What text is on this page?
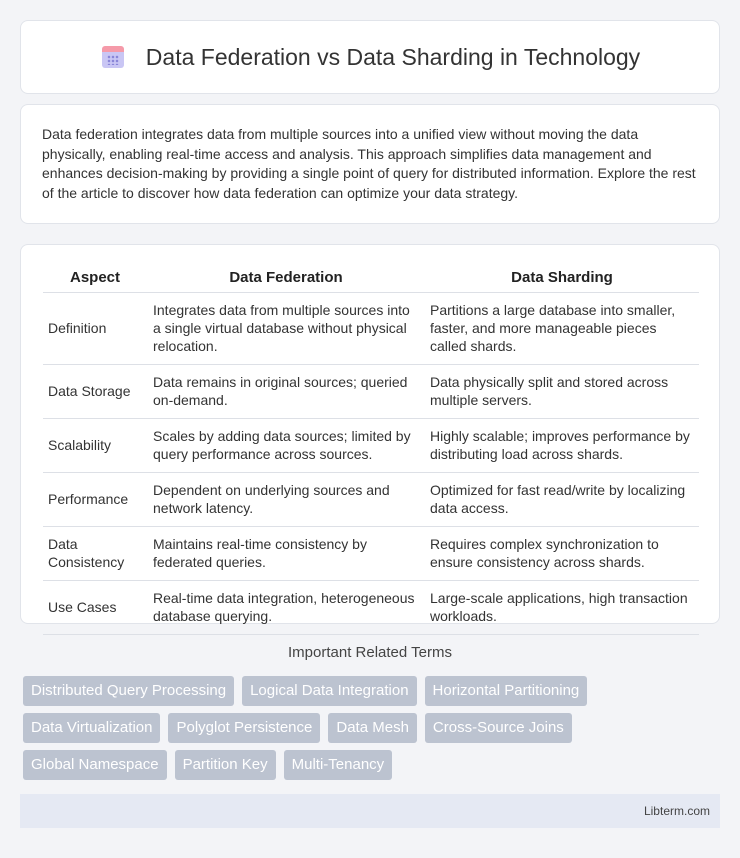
Data Federation vs Data Sharding in Technology

Data federation integrates data from multiple sources into a unified view without moving the data physically, enabling real-time access and analysis. This approach simplifies data management and enhances decision-making by providing a single point of query for distributed information. Explore the rest of the article to discover how data federation can optimize your data strategy.

Aspect	Data Federation	Data Sharding
Definition	Integrates data from multiple sources into a single virtual database without physical relocation.	Partitions a large database into smaller, faster, and more manageable pieces called shards.
Data Storage	Data remains in original sources; queried on-demand.	Data physically split and stored across multiple servers.
Scalability	Scales by adding data sources; limited by query performance across sources.	Highly scalable; improves performance by distributing load across shards.
Performance	Dependent on underlying sources and network latency.	Optimized for fast read/write by localizing data access.
Data Consistency	Maintains real-time consistency by federated queries.	Requires complex synchronization to ensure consistency across shards.
Use Cases	Real-time data integration, heterogeneous database querying.	Large-scale applications, high transaction workloads.
Important Related Terms
Distributed Query Processing	Logical Data Integration	Horizontal Partitioning
Data Virtualization	Polyglot Persistence	Data Mesh	Cross-Source Joins
Global Namespace	Partition Key	Multi-Tenancy
Libterm.com
